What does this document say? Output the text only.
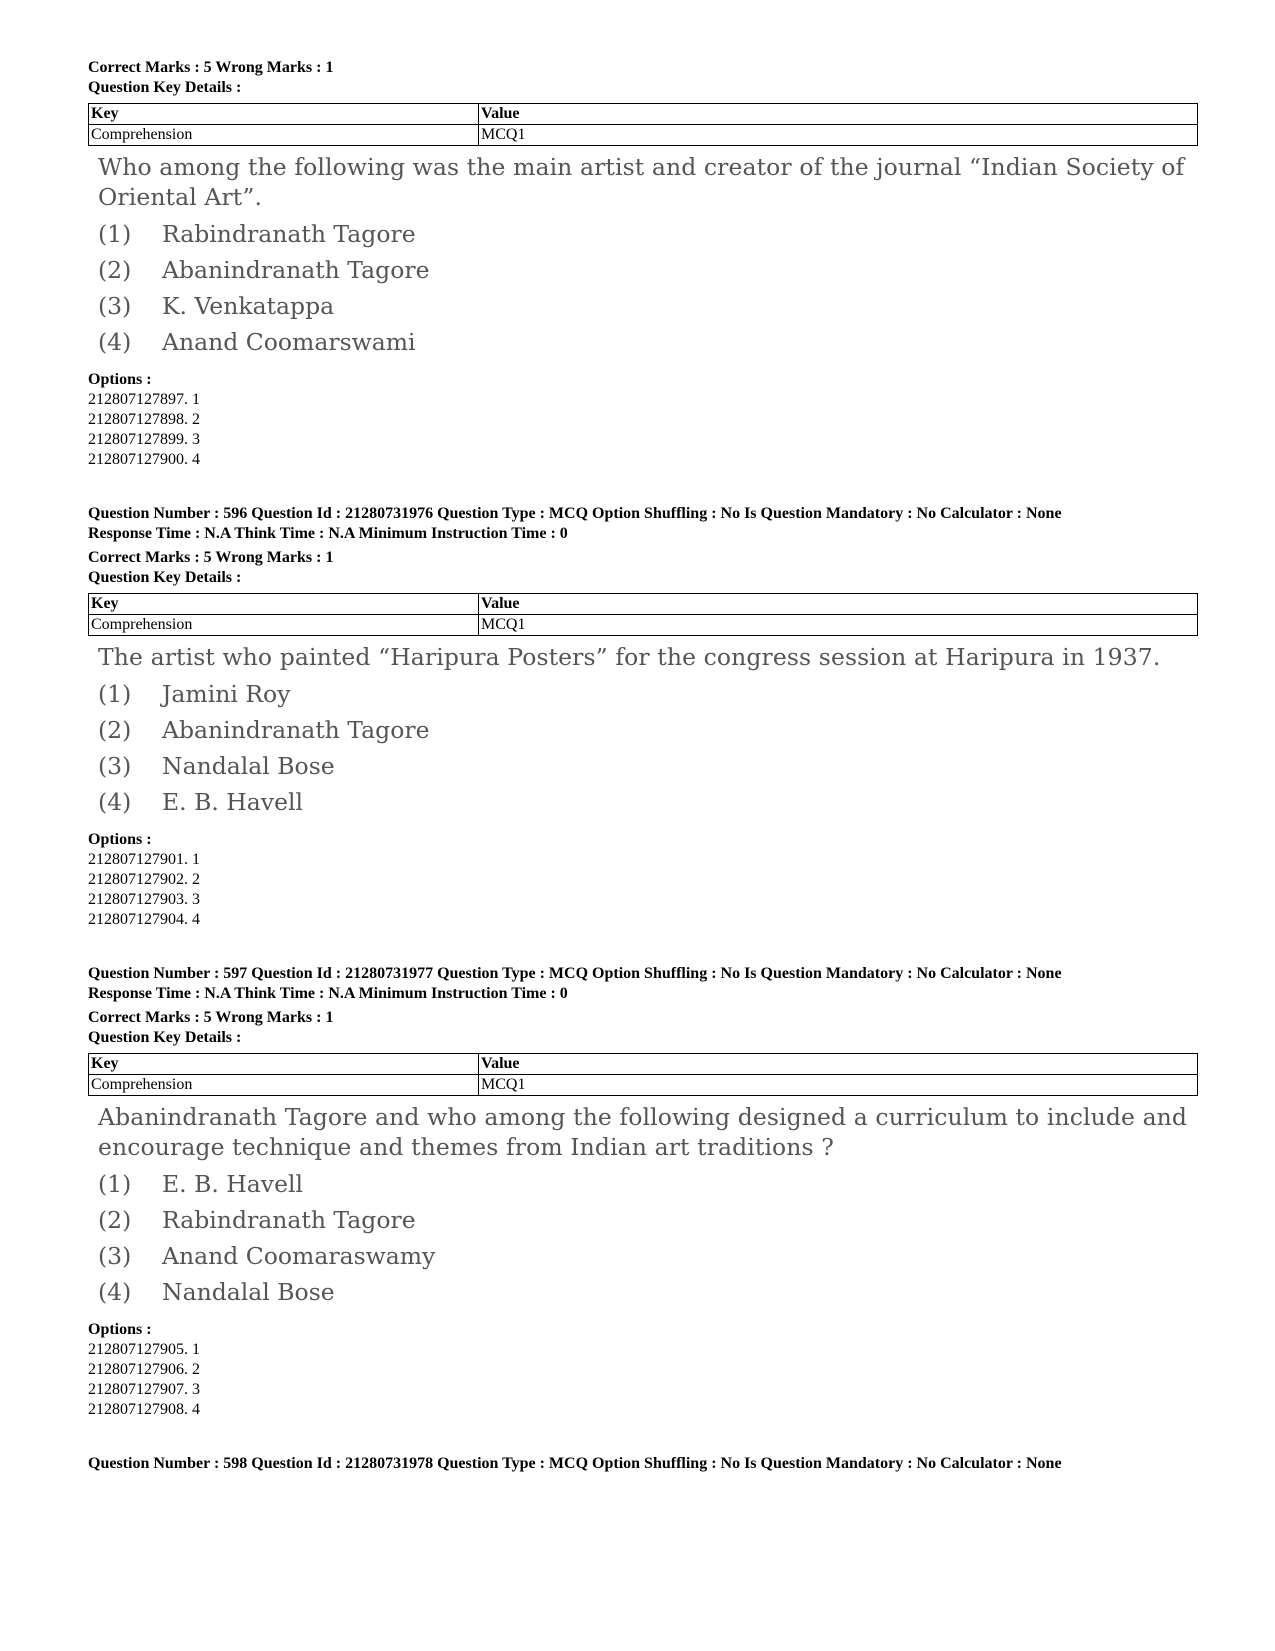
Correct Marks : 5 Wrong Marks : 1
Question Key Details :
Key	Value
Comprehension	MCQ1
Who among the following was the main artist and creator of the journal “Indian Society of Oriental Art”.
(1)	Rabindranath Tagore
(2)	Abanindranath Tagore
(3)	K. Venkatappa
(4)	Anand Coomarswami
Options :
212807127897. 1
212807127898. 2
212807127899. 3
212807127900. 4
Question Number : 596 Question Id : 21280731976 Question Type : MCQ Option Shuffling : No Is Question Mandatory : No Calculator : None
Response Time : N.A Think Time : N.A Minimum Instruction Time : 0
Correct Marks : 5 Wrong Marks : 1
Question Key Details :
Key	Value
Comprehension	MCQ1
The artist who painted “Haripura Posters” for the congress session at Haripura in 1937.
(1)	Jamini Roy
(2)	Abanindranath Tagore
(3)	Nandalal Bose
(4)	E. B. Havell
Options :
212807127901. 1
212807127902. 2
212807127903. 3
212807127904. 4
Question Number : 597 Question Id : 21280731977 Question Type : MCQ Option Shuffling : No Is Question Mandatory : No Calculator : None
Response Time : N.A Think Time : N.A Minimum Instruction Time : 0
Correct Marks : 5 Wrong Marks : 1
Question Key Details :
Key	Value
Comprehension	MCQ1
Abanindranath Tagore and who among the following designed a curriculum to include and encourage technique and themes from Indian art traditions ?
(1)	E. B. Havell
(2)	Rabindranath Tagore
(3)	Anand Coomaraswamy
(4)	Nandalal Bose
Options :
212807127905. 1
212807127906. 2
212807127907. 3
212807127908. 4
Question Number : 598 Question Id : 21280731978 Question Type : MCQ Option Shuffling : No Is Question Mandatory : No Calculator : None
